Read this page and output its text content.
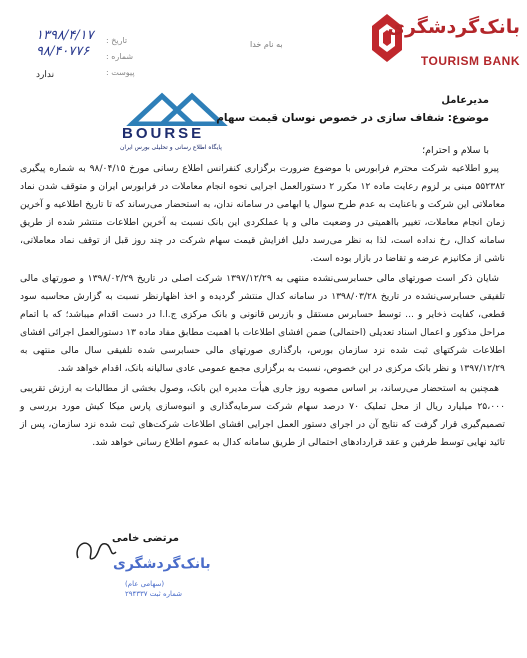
بانک‌گردشگری
TOURISM BANK
به نام خدا
تاریخ :
۱۳۹۸/۴/۱۷
شماره :
۹۸/۴۰۷۷۶
پیوست :
ندارد
BOURSE
پایگاه اطلاع رسانی و تحلیلی بورس ایران
مدیرعامل
موضوع: شفاف سازی در خصوص نوسان قیمت سهام
با سلام و احترام؛

پیرو اطلاعیه شرکت محترم فرابورس با موضوع ضرورت برگزاری کنفرانس اطلاع رسانی مورخ ۹۸/۰۴/۱۵ به شماره پیگیری ۵۵۲۳۸۲ مبنی بر لزوم رعایت ماده ۱۲ مکرر ۲ دستورالعمل اجرایی نحوه انجام معاملات در فرابورس ایران و متوقف شدن نماد معاملاتی این شرکت و باعنایت به عدم طرح سوال یا ابهامی در سامانه ندان، به استحضار می‌رساند که تا تاریخ اطلاعیه و آخرین زمان انجام معاملات، تغییر بااهمیتی در وضعیت مالی و یا عملکردی این بانک نسبت به آخرین اطلاعات منتشر شده از طریق سامانه کدال، رخ نداده است، لذا به نظر می‌رسد دلیل افزایش قیمت سهام شرکت در چند روز قبل از توقف نماد معاملاتی، ناشی از مکانیزم عرضه و تقاضا در بازار بوده است.

شایان ذکر است صورتهای مالی حسابرسی‌نشده منتهی به ۱۳۹۷/۱۲/۲۹ شرکت اصلی در تاریخ ۱۳۹۸/۰۲/۲۹ و صورتهای مالی تلفیقی حسابرسی‌نشده در تاریخ ۱۳۹۸/۰۳/۲۸ در سامانه کدال منتشر گردیده و اخذ اظهارنظر نسبت به گزارش محاسبه سود قطعی، کفایت ذخایر و ... توسط حسابرس مستقل و بازرس قانونی و بانک مرکزی ج.ا.ا در دست اقدام میباشد؛ که با اتمام مراحل مذکور و اعمال اسناد تعدیلی (احتمالی) ضمن افشای اطلاعات با اهمیت مطابق مفاد ماده ۱۳ دستورالعمل اجرائی افشای اطلاعات شرکتهای ثبت شده نزد سازمان بورس، بارگذاری صورتهای مالی حسابرسی شده تلفیقی سال مالی منتهی به ۱۳۹۷/۱۲/۲۹ و نظر بانک مرکزی در این خصوص، نسبت به برگزاری مجمع عمومی عادی سالیانه بانک، اقدام خواهد شد.

همچنین به استحضار می‌رساند، بر اساس مصوبه روز جاری هیأت مدیره این بانک، وصول بخشی از مطالبات به ارزش تقریبی ۲۵،۰۰۰ میلیارد ریال از محل تملیک ۷۰ درصد سهام شرکت سرمایه‌گذاری و انبوه‌سازی پارس میکا کیش مورد بررسی و تصمیم‌گیری قرار گرفت که نتایج آن در اجرای دستور العمل اجرایی افشای اطلاعات شرکت‌های ثبت شده نزد سازمان، پس از تائید نهایی توسط طرفین و عقد قراردادهای احتمالی از طریق سامانه کدال به عموم اطلاع رسانی خواهد شد.

مرتضی خامی
بانک‌گردشگری
(سهامی عام)
شماره ثبت ۲۹۴۳۳۷
